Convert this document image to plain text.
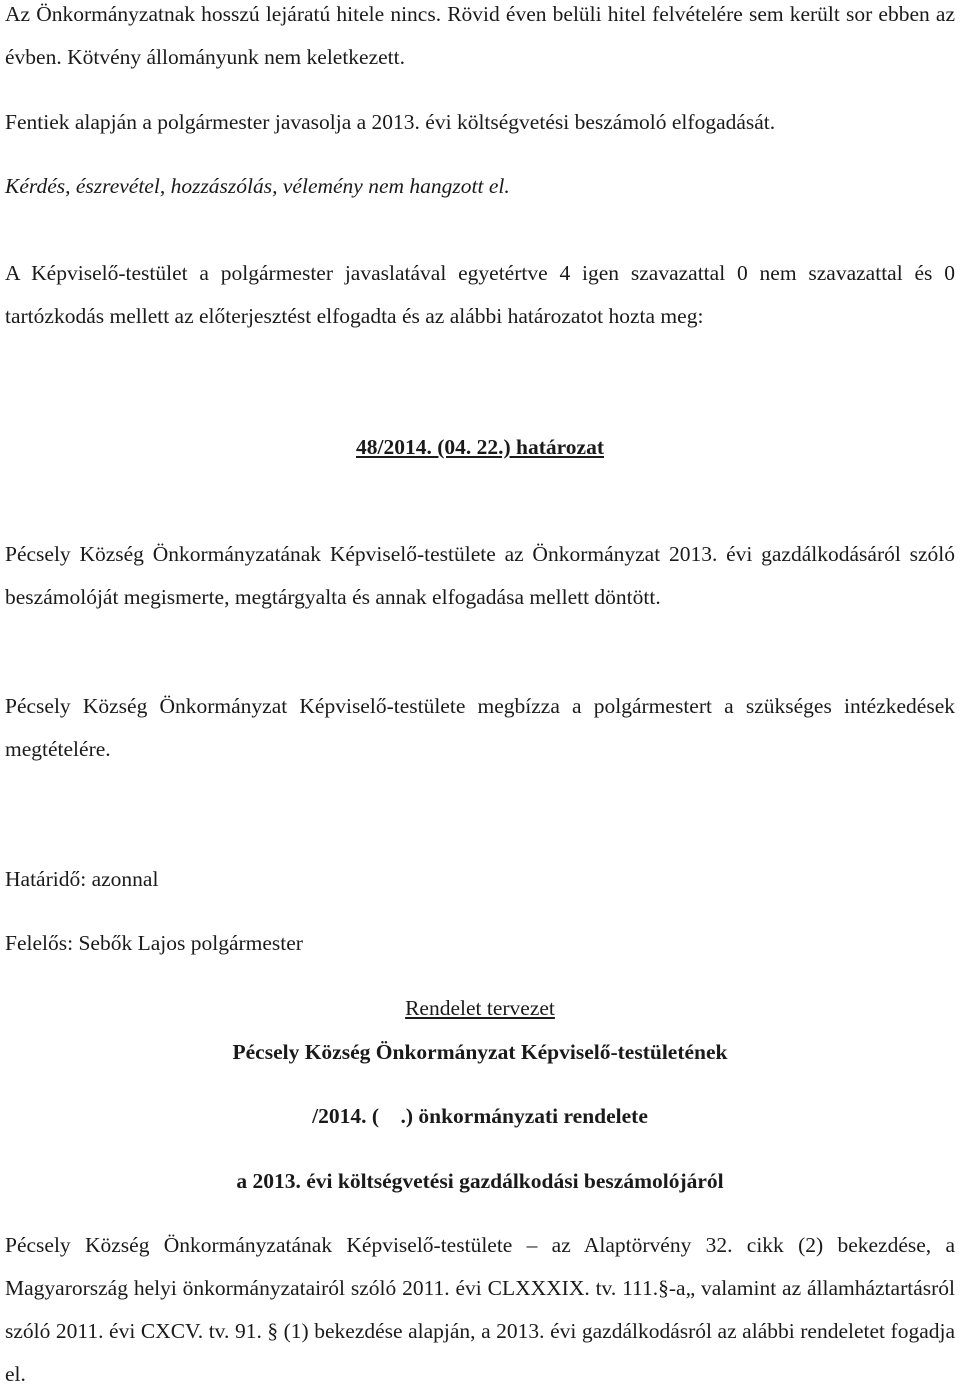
Az Önkormányzatnak hosszú lejáratú hitele nincs. Rövid éven belüli hitel felvételére sem került sor ebben az évben. Kötvény állományunk nem keletkezett.

Fentiek alapján a polgármester javasolja a 2013. évi költségvetési beszámoló elfogadását.

Kérdés, észrevétel, hozzászólás, vélemény nem hangzott el.

A Képviselő-testület a polgármester javaslatával egyetértve 4 igen szavazattal 0 nem szavazattal és 0 tartózkodás mellett az előterjesztést elfogadta és az alábbi határozatot hozta meg:

48/2014. (04. 22.) határozat

Pécsely Község Önkormányzatának Képviselő-testülete az Önkormányzat 2013. évi gazdálkodásáról szóló beszámolóját megismerte, megtárgyalta és annak elfogadása mellett döntött.

Pécsely Község Önkormányzat Képviselő-testülete megbízza a polgármestert a szükséges intézkedések megtételére.

Határidő: azonnal

Felelős: Sebők Lajos polgármester

Rendelet tervezet

Pécsely Község Önkormányzat Képviselő-testületének

/2014. (    .) önkormányzati rendelete

a 2013. évi költségvetési gazdálkodási beszámolójáról

Pécsely Község Önkormányzatának Képviselő-testülete – az Alaptörvény 32. cikk (2) bekezdése, a Magyarország helyi önkormányzatairól szóló 2011. évi CLXXXIX. tv. 111.§-a„ valamint az államháztartásról szóló 2011. évi CXCV. tv. 91. § (1) bekezdése alapján, a 2013. évi gazdálkodásról az alábbi rendeletet fogadja el.
